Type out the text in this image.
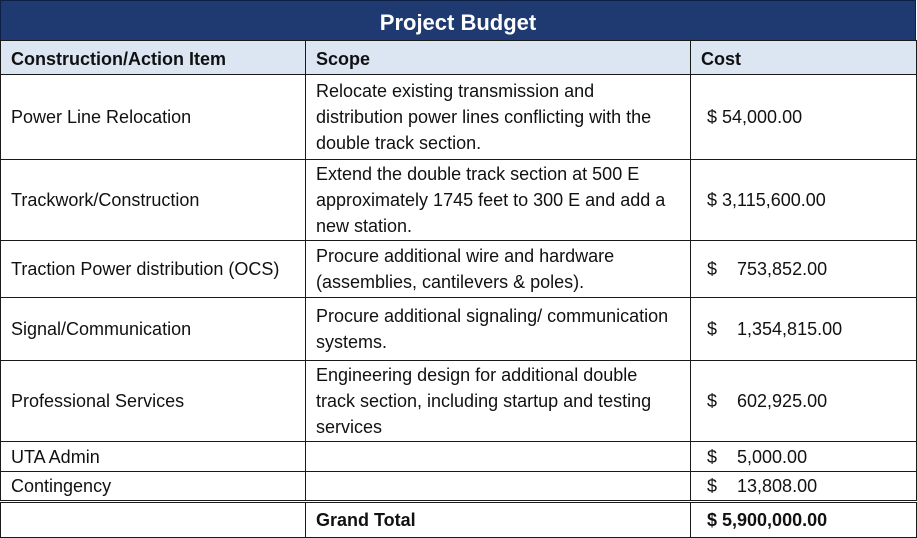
Project Budget
Construction/Action Item	Scope	Cost
Power Line Relocation	Relocate existing transmission and distribution power lines conflicting with the double track section.	$ 54,000.00
Trackwork/Construction	Extend the double track section at 500 E approximately 1745 feet to 300 E and add a new station.	$ 3,115,600.00
Traction Power distribution (OCS)	Procure additional wire and hardware (assemblies, cantilevers & poles).	$    753,852.00
Signal/Communication	Procure additional signaling/ communication systems.	$    1,354,815.00
Professional Services	Engineering design for additional double track section, including startup and testing services	$    602,925.00
UTA Admin		$    5,000.00
Contingency		$    13,808.00
	Grand Total	$ 5,900,000.00
